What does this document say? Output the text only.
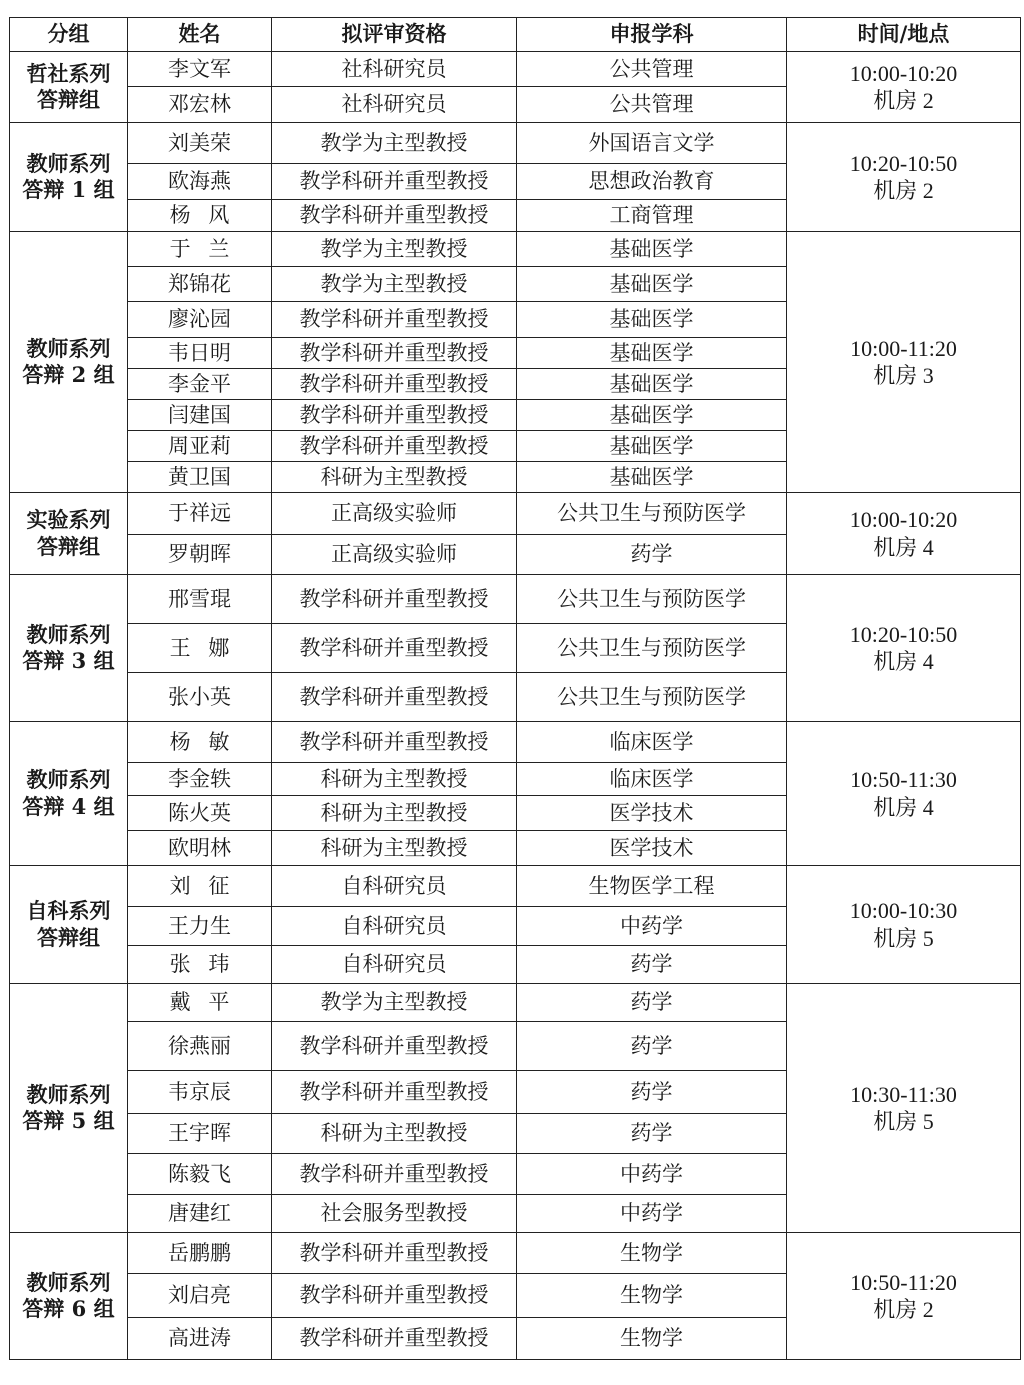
分组	姓名	拟评审资格	申报学科	时间/地点

哲社系列
答辩组	李文军	社科研究员	公共管理	10:00-10:20
机房 2

	邓宏林	社科研究员	公共管理	

教师系列
答辩 1 组	刘美荣	教学为主型教授	外国语言文学	10:20-10:50
机房 2

	欧海燕	教学科研并重型教授	思想政治教育	
	杨风	教学科研并重型教授	工商管理	

教师系列
答辩 2 组	于兰	教学为主型教授	基础医学	10:00-11:20
机房 3

	郑锦花	教学为主型教授	基础医学	
	廖沁园	教学科研并重型教授	基础医学	
	韦日明	教学科研并重型教授	基础医学	
	李金平	教学科研并重型教授	基础医学	
	闫建国	教学科研并重型教授	基础医学	
	周亚莉	教学科研并重型教授	基础医学	
	黄卫国	科研为主型教授	基础医学	

实验系列
答辩组	于祥远	正高级实验师	公共卫生与预防医学	10:00-10:20
机房 4

	罗朝晖	正高级实验师	药学	

教师系列
答辩 3 组	邢雪琨	教学科研并重型教授	公共卫生与预防医学	10:20-10:50
机房 4

	王娜	教学科研并重型教授	公共卫生与预防医学	
	张小英	教学科研并重型教授	公共卫生与预防医学	

教师系列
答辩 4 组	杨敏	教学科研并重型教授	临床医学	10:50-11:30
机房 4

	李金轶	科研为主型教授	临床医学	
	陈火英	科研为主型教授	医学技术	
	欧明林	科研为主型教授	医学技术	

自科系列
答辩组	刘征	自科研究员	生物医学工程	10:00-10:30
机房 5

	王力生	自科研究员	中药学	
	张玮	自科研究员	药学	

教师系列
答辩 5 组	戴平	教学为主型教授	药学	10:30-11:30
机房 5

	徐燕丽	教学科研并重型教授	药学	
	韦京辰	教学科研并重型教授	药学	
	王宇晖	科研为主型教授	药学	
	陈毅飞	教学科研并重型教授	中药学	
	唐建红	社会服务型教授	中药学	

教师系列
答辩 6 组	岳鹏鹏	教学科研并重型教授	生物学	10:50-11:20
机房 2

	刘启亮	教学科研并重型教授	生物学	
	高进涛	教学科研并重型教授	生物学	
